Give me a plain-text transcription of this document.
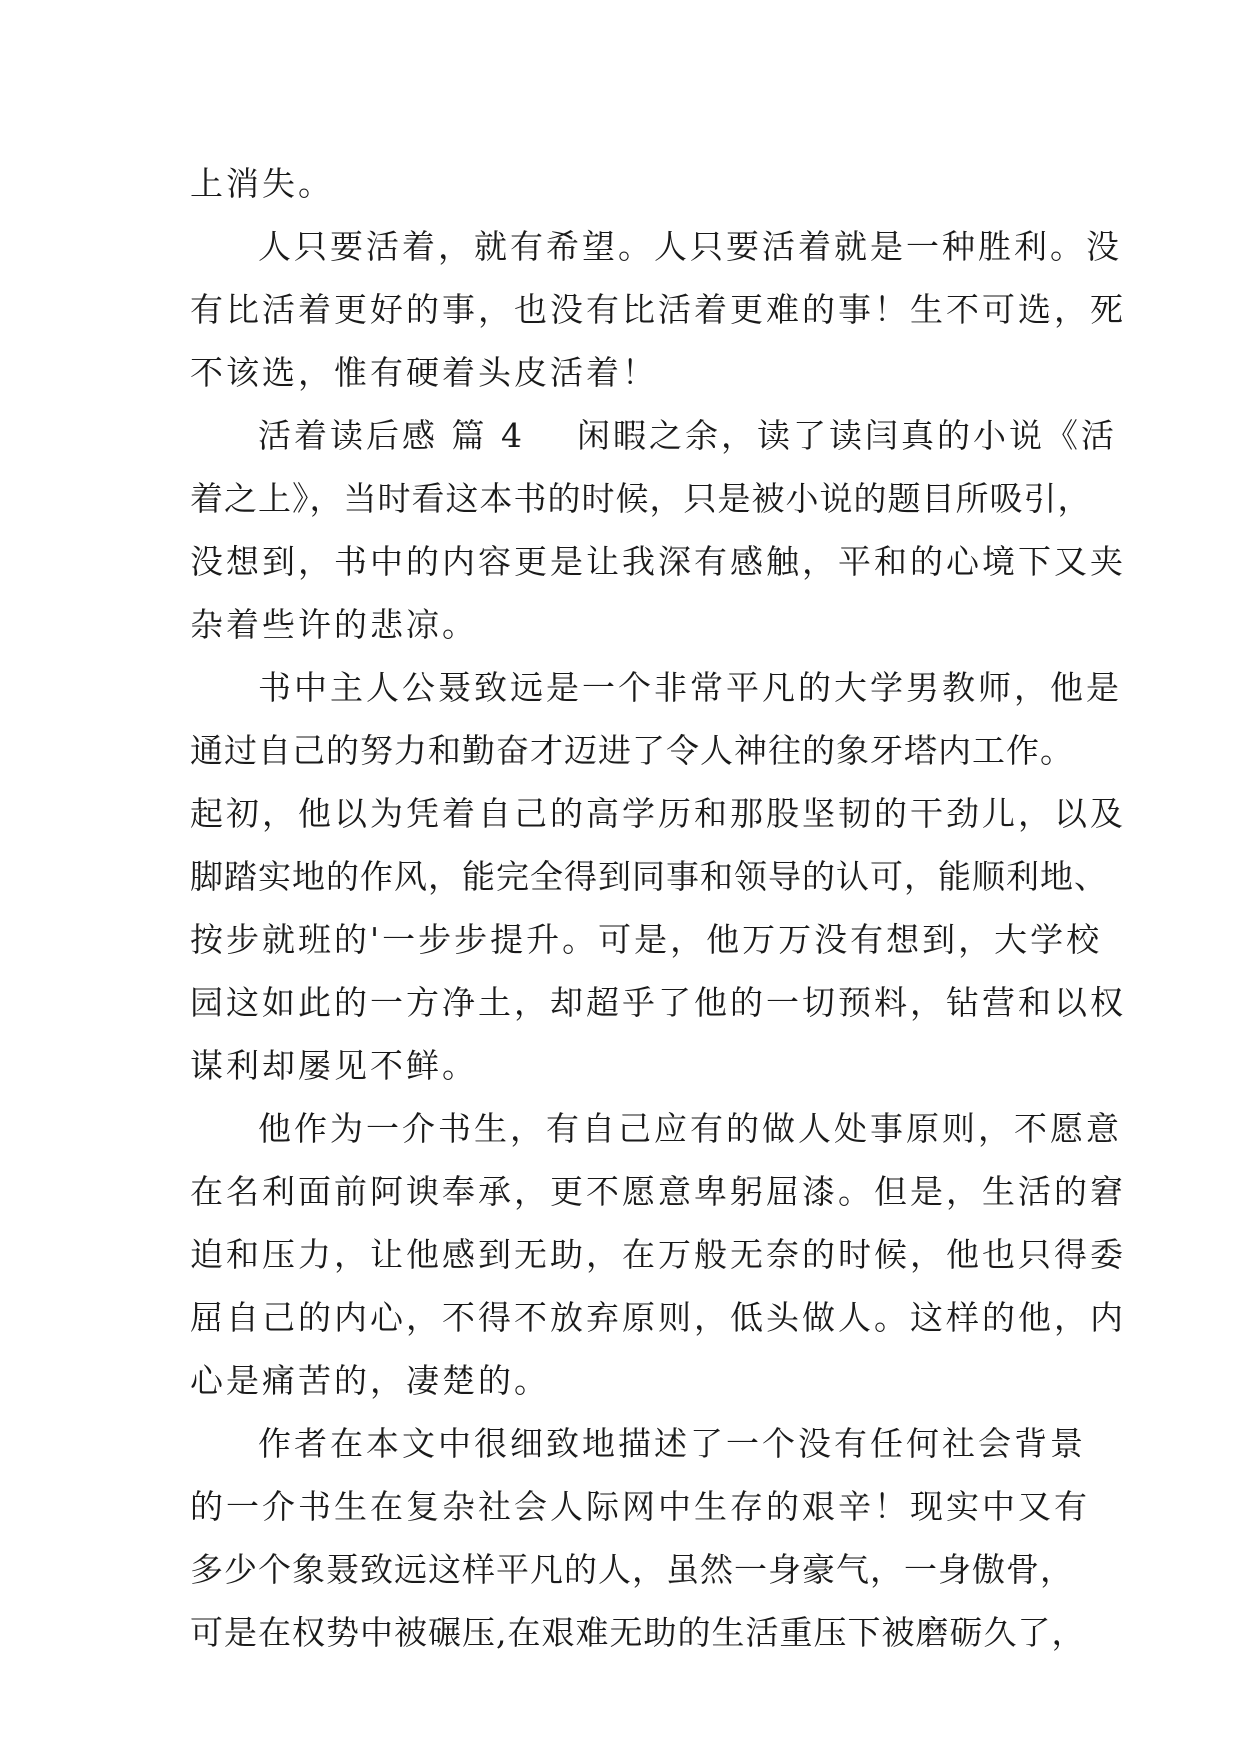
上消失。
人只要活着，就有希望。人只要活着就是一种胜利。没
有比活着更好的事，也没有比活着更难的事！生不可选，死
不该选，惟有硬着头皮活着！
活着读后感 篇 4 闲暇之余，读了读闫真的小说《活
着之上》，当时看这本书的时候，只是被小说的题目所吸引，
没想到，书中的内容更是让我深有感触，平和的心境下又夹
杂着些许的悲凉。
书中主人公聂致远是一个非常平凡的大学男教师，他是
通过自己的努力和勤奋才迈进了令人神往的象牙塔内工作。
起初，他以为凭着自己的高学历和那股坚韧的干劲儿，以及
脚踏实地的作风，能完全得到同事和领导的认可，能顺利地、
按步就班的'一步步提升。可是，他万万没有想到，大学校
园这如此的一方净土，却超乎了他的一切预料，钻营和以权
谋利却屡见不鲜。
他作为一介书生，有自己应有的做人处事原则，不愿意
在名利面前阿谀奉承，更不愿意卑躬屈漆。但是，生活的窘
迫和压力，让他感到无助，在万般无奈的时候，他也只得委
屈自己的内心，不得不放弃原则，低头做人。这样的他，内
心是痛苦的，凄楚的。
作者在本文中很细致地描述了一个没有任何社会背景
的一介书生在复杂社会人际网中生存的艰辛！现实中又有
多少个象聂致远这样平凡的人，虽然一身豪气，一身傲骨，
可是在权势中被碾压,在艰难无助的生活重压下被磨砺久了，
